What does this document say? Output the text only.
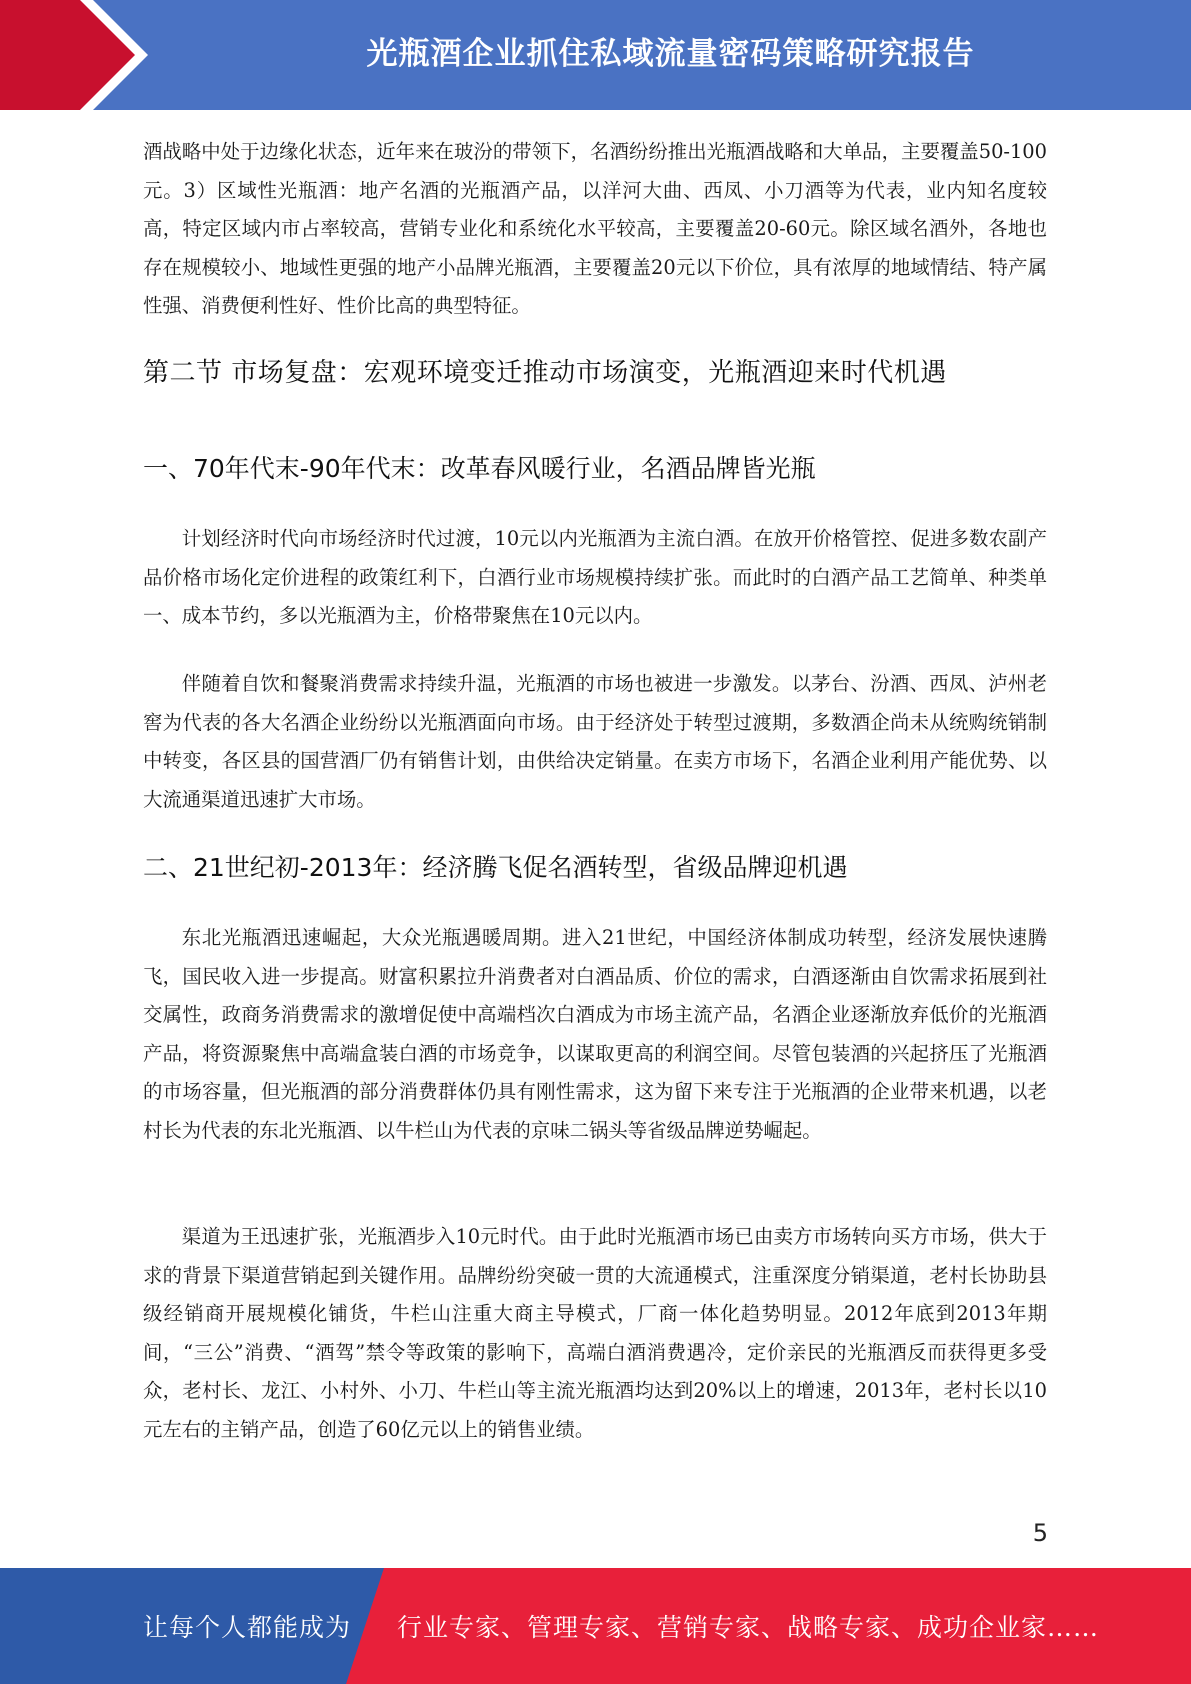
光瓶酒企业抓住私域流量密码策略研究报告

酒战略中处于边缘化状态，近年来在玻汾的带领下，名酒纷纷推出光瓶酒战略和大单品，主要覆盖50-100元。3）区域性光瓶酒：地产名酒的光瓶酒产品，以洋河大曲、西凤、小刀酒等为代表，业内知名度较高，特定区域内市占率较高，营销专业化和系统化水平较高，主要覆盖20-60元。除区域名酒外，各地也存在规模较小、地域性更强的地产小品牌光瓶酒，主要覆盖20元以下价位，具有浓厚的地域情结、特产属性强、消费便利性好、性价比高的典型特征。

第二节 市场复盘：宏观环境变迁推动市场演变，光瓶酒迎来时代机遇
一、70年代末-90年代末：改革春风暖行业，名酒品牌皆光瓶

计划经济时代向市场经济时代过渡，10元以内光瓶酒为主流白酒。在放开价格管控、促进多数农副产品价格市场化定价进程的政策红利下，白酒行业市场规模持续扩张。而此时的白酒产品工艺简单、种类单一、成本节约，多以光瓶酒为主，价格带聚焦在10元以内。

伴随着自饮和餐聚消费需求持续升温，光瓶酒的市场也被进一步激发。以茅台、汾酒、西凤、泸州老窖为代表的各大名酒企业纷纷以光瓶酒面向市场。由于经济处于转型过渡期，多数酒企尚未从统购统销制中转变，各区县的国营酒厂仍有销售计划，由供给决定销量。在卖方市场下，名酒企业利用产能优势、以大流通渠道迅速扩大市场。

二、21世纪初-2013年：经济腾飞促名酒转型，省级品牌迎机遇

东北光瓶酒迅速崛起，大众光瓶遇暖周期。进入21世纪，中国经济体制成功转型，经济发展快速腾飞，国民收入进一步提高。财富积累拉升消费者对白酒品质、价位的需求，白酒逐渐由自饮需求拓展到社交属性，政商务消费需求的激增促使中高端档次白酒成为市场主流产品，名酒企业逐渐放弃低价的光瓶酒产品，将资源聚焦中高端盒装白酒的市场竞争，以谋取更高的利润空间。尽管包装酒的兴起挤压了光瓶酒的市场容量，但光瓶酒的部分消费群体仍具有刚性需求，这为留下来专注于光瓶酒的企业带来机遇，以老村长为代表的东北光瓶酒、以牛栏山为代表的京味二锅头等省级品牌逆势崛起。

渠道为王迅速扩张，光瓶酒步入10元时代。由于此时光瓶酒市场已由卖方市场转向买方市场，供大于求的背景下渠道营销起到关键作用。品牌纷纷突破一贯的大流通模式，注重深度分销渠道，老村长协助县级经销商开展规模化铺货，牛栏山注重大商主导模式，厂商一体化趋势明显。2012年底到2013年期间，“三公”消费、“酒驾”禁令等政策的影响下，高端白酒消费遇冷，定价亲民的光瓶酒反而获得更多受众，老村长、龙江、小村外、小刀、牛栏山等主流光瓶酒均达到20%以上的增速，2013年，老村长以10元左右的主销产品，创造了60亿元以上的销售业绩。

5
让每个人都能成为 行业专家、管理专家、营销专家、战略专家、成功企业家……
